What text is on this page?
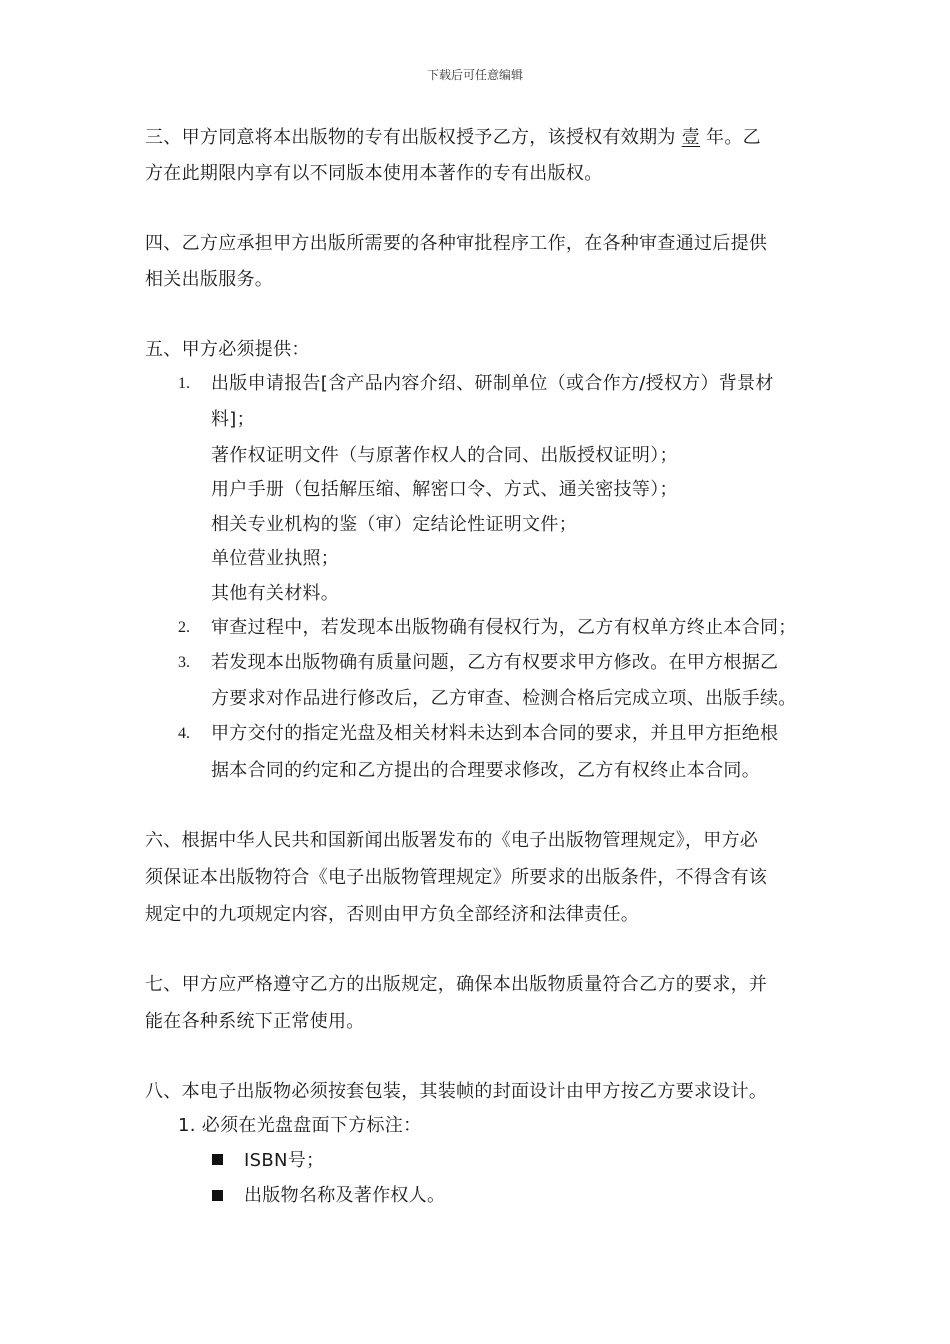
下载后可任意编辑
三、甲方同意将本出版物的专有出版权授予乙方，该授权有效期为 壹 年。乙
方在此期限内享有以不同版本使用本著作的专有出版权。
四、乙方应承担甲方出版所需要的各种审批程序工作，在各种审查通过后提供
相关出版服务。
五、甲方必须提供：
1. 出版申请报告[含产品内容介绍、研制单位（或合作方/授权方）背景材
料]；
著作权证明文件（与原著作权人的合同、出版授权证明）；
用户手册（包括解压缩、解密口令、方式、通关密技等）；
相关专业机构的鉴（审）定结论性证明文件；
单位营业执照；
其他有关材料。
2. 审查过程中，若发现本出版物确有侵权行为，乙方有权单方终止本合同；
3. 若发现本出版物确有质量问题，乙方有权要求甲方修改。在甲方根据乙
方要求对作品进行修改后，乙方审查、检测合格后完成立项、出版手续。
4. 甲方交付的指定光盘及相关材料未达到本合同的要求，并且甲方拒绝根
据本合同的约定和乙方提出的合理要求修改，乙方有权终止本合同。
六、根据中华人民共和国新闻出版署发布的《电子出版物管理规定》，甲方必
须保证本出版物符合《电子出版物管理规定》所要求的出版条件，不得含有该
规定中的九项规定内容，否则由甲方负全部经济和法律责任。
七、甲方应严格遵守乙方的出版规定，确保本出版物质量符合乙方的要求，并
能在各种系统下正常使用。
八、本电子出版物必须按套包装，其装帧的封面设计由甲方按乙方要求设计。
1. 必须在光盘盘面下方标注：
ISBN号；
出版物名称及著作权人。
